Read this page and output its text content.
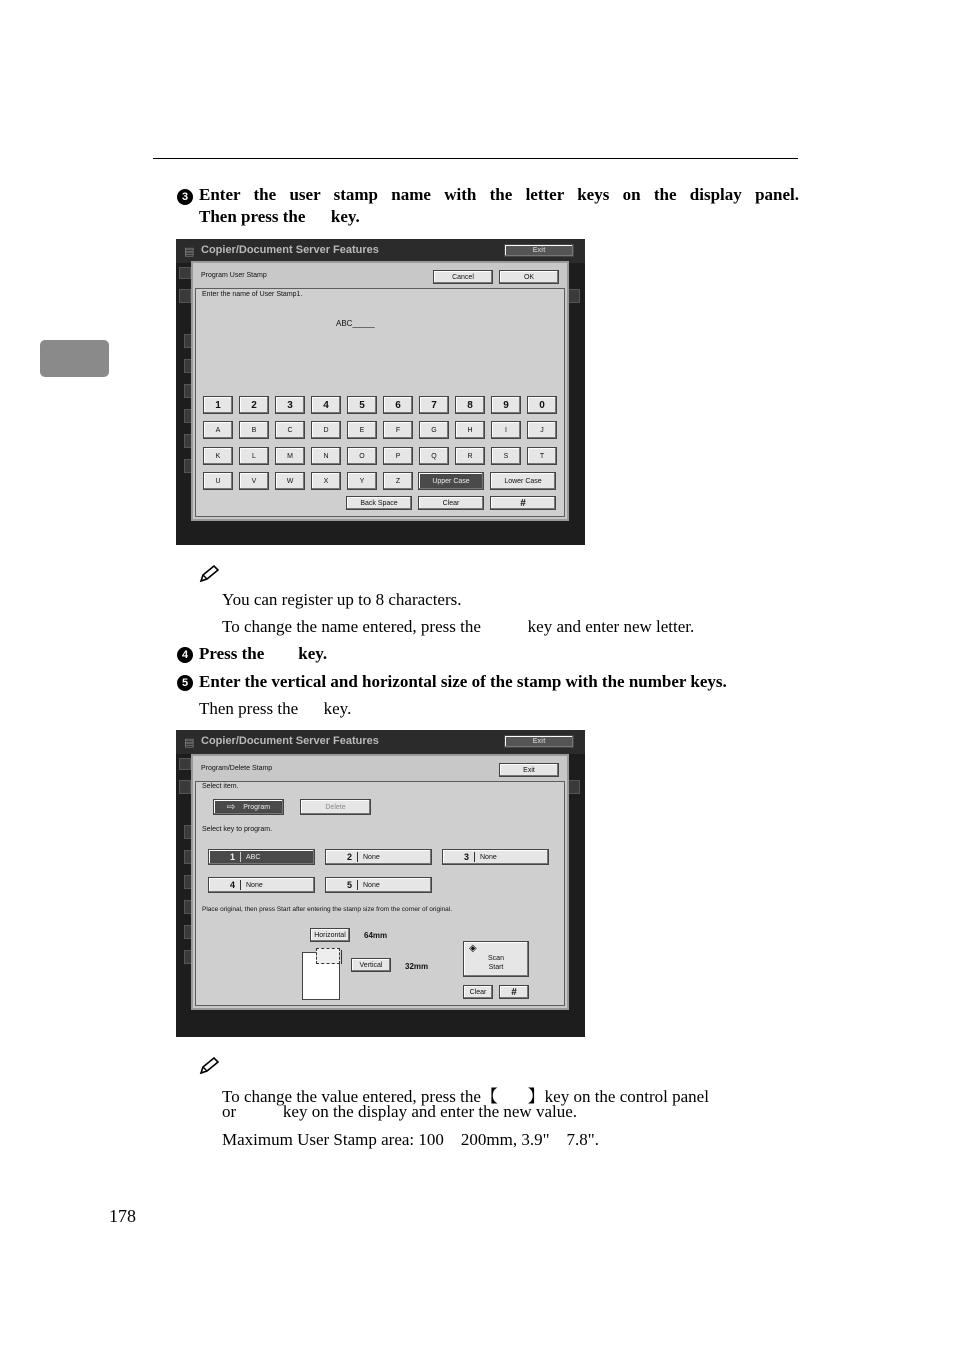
3 Enter the user stamp name with the letter keys on the display panel.
Then press the      key.
▤ Copier/Document Server Features	Exit
Program User Stamp	Cancel	OK
Enter the name of User Stamp1.
ABC_____
1	2	3	4	5	6	7	8	9	0
A	B	C	D	E	F	G	H	I	J
K	L	M	N	O	P	Q	R	S	T
U	V	W	X	Y	Z	Upper Case	Lower Case
Back Space	Clear	#
You can register up to 8 characters.
To change the name entered, press the           key and enter new letter.
4 Press the        key.
5 Enter the vertical and horizontal size of the stamp with the number keys.
Then press the      key.
▤ Copier/Document Server Features	Exit
Program/Delete Stamp	Exit
Select item.
⇨ Program	Delete
Select key to program.
1 ABC	2 None	3 None
4 None	5 None
Place original, then press Start after entering the stamp size from the corner of original.
Horizontal	64mm
Vertical	32mm
◈
Scan
Start
Clear	#
To change the value entered, press the【       】key on the control panel
or           key on the display and enter the new value.
Maximum User Stamp area: 100    200mm, 3.9"    7.8".
178
